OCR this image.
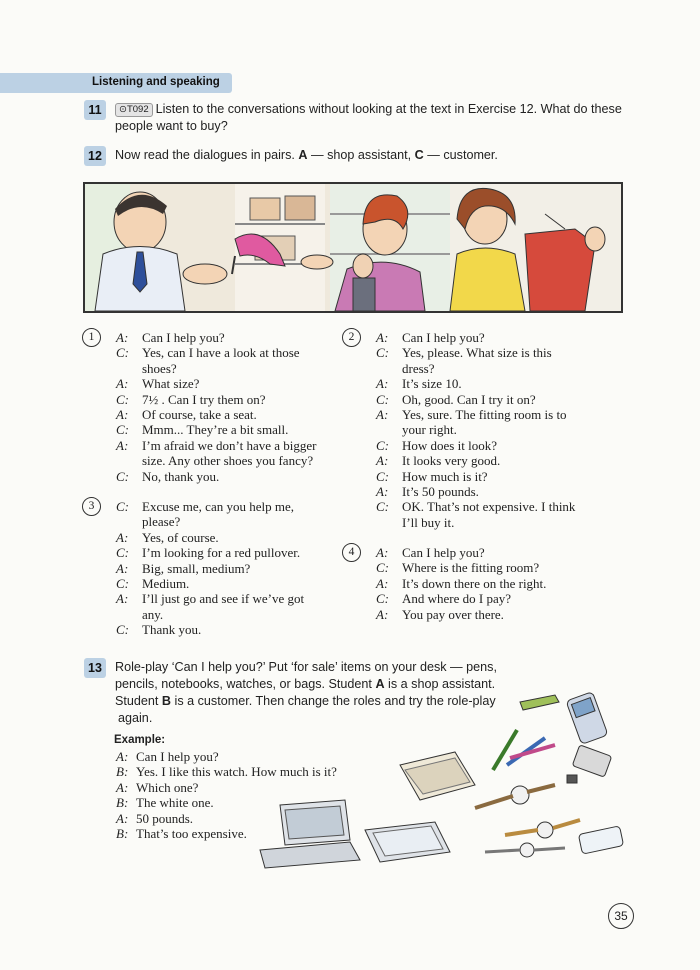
Listening and speaking
11	⊙T092 Listen to the conversations without looking at the text in Exercise 12. What do these people want to buy?
12	Now read the dialogues in pairs. A — shop assistant, C — customer.
1	A: Can I help you?
C: Yes, can I have a look at those
shoes?
A: What size?
C: 7½ . Can I try them on?
A: Of course, take a seat.
C: Mmm... They’re a bit small.
A: I’m afraid we don’t have a bigger
size. Any other shoes you fancy?
C: No, thank you.
2	A: Can I help you?
C: Yes, please. What size is this
dress?
A: It’s size 10.
C: Oh, good. Can I try it on?
A: Yes, sure. The fitting room is to
your right.
C: How does it look?
A: It looks very good.
C: How much is it?
A: It’s 50 pounds.
C: OK. That’s not expensive. I think
I’ll buy it.
3	C: Excuse me, can you help me,
please?
A: Yes, of course.
C: I’m looking for a red pullover.
A: Big, small, medium?
C: Medium.
A: I’ll just go and see if we’ve got
any.
C: Thank you.
4	A: Can I help you?
C: Where is the fitting room?
A: It’s down there on the right.
C: And where do I pay?
A: You pay over there.
13	Role-play ‘Can I help you?’ Put ‘for sale’ items on your desk — pens,
pencils, notebooks, watches, or bags. Student A is a shop assistant.
Student B is a customer. Then change the roles and try the role-play
again.
Example:
A: Can I help you?
B: Yes. I like this watch. How much is it?
A: Which one?
B: The white one.
A: 50 pounds.
B: That’s too expensive.
35
